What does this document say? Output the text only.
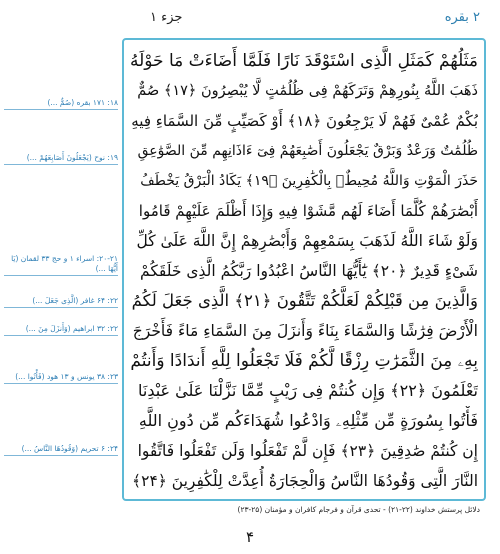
۲ بقره
جزء ۱
۱۸: ۱۷۱ بقره (صُمٌّ ...)
۱۹: نوح (يَجْعَلُونَ أَصَابِعَهُمْ ...)
۲۰-۲۱: اسراء ۱ و حج ۳۳ لقمان (يَا أَيُّهَا ...)
۲۲: ۶۴ غافر (الَّذِى جَعَلَ ...)
۲۲: ۳۲ ابراهيم (وَأَنزَلَ مِنَ ...)
۲۳: ۳۸ يونس و ۱۳ هود (فَأْتُوا ...)
۲۴: ۶ تحريم (وَقُودُهَا النَّاسُ ...)
مَثَلُهُمْ كَمَثَلِ الَّذِى اسْتَوْقَدَ نَارًا فَلَمَّا أَضَاءَتْ مَا حَوْلَهُ
ذَهَبَ اللَّهُ بِنُورِهِمْ وَتَرَكَهُمْ فِى ظُلُمَٰتٍ لَّا يُبْصِرُونَ ﴿۱۷﴾ صُمٌّ
بُكْمٌ عُمْىٌ فَهُمْ لَا يَرْجِعُونَ ﴿۱۸﴾ أَوْ كَصَيِّبٍ مِّنَ السَّمَاءِ فِيهِ
ظُلُمَٰتٌ وَرَعْدٌ وَبَرْقٌ يَجْعَلُونَ أَصَٰبِعَهُمْ فِىٓ ءَاذَانِهِم مِّنَ الصَّوَٰعِقِ
حَذَرَ الْمَوْتِ وَاللَّهُ مُحِيطٌۢ بِالْكَٰفِرِينَ ﴿۱۹﴾ يَكَادُ الْبَرْقُ يَخْطَفُ
أَبْصَٰرَهُمْ كُلَّمَا أَضَاءَ لَهُم مَّشَوْا فِيهِ وَإِذَا أَظْلَمَ عَلَيْهِمْ قَامُوا
وَلَوْ شَاءَ اللَّهُ لَذَهَبَ بِسَمْعِهِمْ وَأَبْصَٰرِهِمْ إِنَّ اللَّهَ عَلَىٰ كُلِّ
شَىْءٍ قَدِيرٌ ﴿۲۰﴾ يَٰٓأَيُّهَا النَّاسُ اعْبُدُوا رَبَّكُمُ الَّذِى خَلَقَكُمْ
وَالَّذِينَ مِن قَبْلِكُمْ لَعَلَّكُمْ تَتَّقُونَ ﴿۲۱﴾ الَّذِى جَعَلَ لَكُمُ
الْأَرْضَ فِرَٰشًا وَالسَّمَاءَ بِنَاءً وَأَنزَلَ مِنَ السَّمَاءِ مَاءً فَأَخْرَجَ
بِهِۦ مِنَ الثَّمَرَٰتِ رِزْقًا لَّكُمْ فَلَا تَجْعَلُوا لِلَّهِ أَندَادًا وَأَنتُمْ
تَعْلَمُونَ ﴿۲۲﴾ وَإِن كُنتُمْ فِى رَيْبٍ مِّمَّا نَزَّلْنَا عَلَىٰ عَبْدِنَا
فَأْتُوا بِسُورَةٍ مِّن مِّثْلِهِۦ وَادْعُوا شُهَدَاءَكُم مِّن دُونِ اللَّهِ
إِن كُنتُمْ صَٰدِقِينَ ﴿۲۳﴾ فَإِن لَّمْ تَفْعَلُوا وَلَن تَفْعَلُوا فَاتَّقُوا
النَّارَ الَّتِى وَقُودُهَا النَّاسُ وَالْحِجَارَةُ أُعِدَّتْ لِلْكَٰفِرِينَ ﴿۲۴﴾
دلائل پرستش خداوند (۲۲-۲۱) - تحدی قرآن و فرجام کافران و مؤمنان (۲۵-۲۳)
۴
